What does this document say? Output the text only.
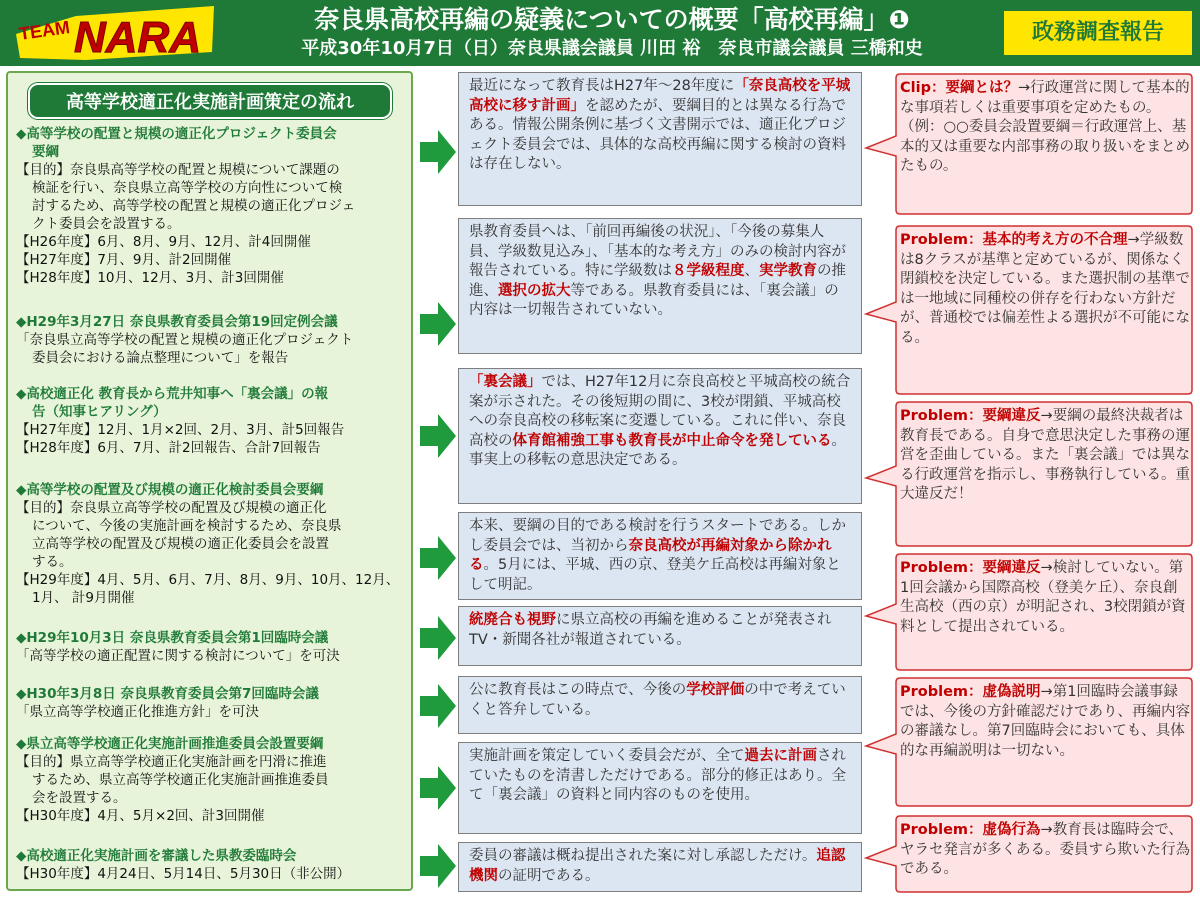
TEAM NARA	奈良県高校再編の疑義についての概要「高校再編」❶
平成30年10月7日（日）奈良県議会議員 川田 裕　奈良市議会議員 三橋和史
政務調査報告
高等学校適正化実施計画策定の流れ
◆高等学校の配置と規模の適正化プロジェクト委員会
要綱
【目的】奈良県高等学校の配置と規模について課題の
検証を行い、奈良県立高等学校の方向性について検
討するため、高等学校の配置と規模の適正化プロジェ
クト委員会を設置する。
【H26年度】6月、8月、9月、12月、計4回開催
【H27年度】7月、9月、計2回開催
【H28年度】10月、12月、3月、計3回開催
◆H29年3月27日 奈良県教育委員会第19回定例会議
「奈良県立高等学校の配置と規模の適正化プロジェクト
委員会における論点整理について」を報告
◆高校適正化 教育長から荒井知事へ「裏会議」の報
告（知事ヒアリング）
【H27年度】12月、1月×2回、2月、3月、計5回報告
【H28年度】6月、7月、計2回報告、合計7回報告
◆高等学校の配置及び規模の適正化検討委員会要綱
【目的】奈良県立高等学校の配置及び規模の適正化
について、今後の実施計画を検討するため、奈良県
立高等学校の配置及び規模の適正化委員会を設置
する。
【H29年度】4月、5月、6月、7月、8月、9月、10月、12月、
1月、 計9月開催
◆H29年10月3日 奈良県教育委員会第1回臨時会議
「高等学校の適正配置に関する検討について」を可決
◆H30年3月8日 奈良県教育委員会第7回臨時会議
「県立高等学校適正化推進方針」を可決
◆県立高等学校適正化実施計画推進委員会設置要綱
【目的】県立高等学校適正化実施計画を円滑に推進
するため、県立高等学校適正化実施計画推進委員
会を設置する。
【H30年度】4月、5月×2回、計3回開催
◆高校適正化実施計画を審議した県教委臨時会
【H30年度】4月24日、5月14日、5月30日（非公開）
最近になって教育長はH27年〜28年度に「奈良高校を平城高校に移す計画」を認めたが、要綱目的とは異なる行為である。情報公開条例に基づく文書開示では、適正化プロジェクト委員会では、具体的な高校再編に関する検討の資料は存在しない。
県教育委員へは、「前回再編後の状況」、「今後の募集人員、学級数見込み」、「基本的な考え方」のみの検討内容が報告されている。特に学級数は８学級程度、実学教育の推進、選択の拡大等である。県教育委員には、「裏会議」の内容は一切報告されていない。
「裏会議」では、H27年12月に奈良高校と平城高校の統合案が示された。その後短期の間に、3校が閉鎖、平城高校への奈良高校の移転案に変遷している。これに伴い、奈良高校の体育館補強工事も教育長が中止命令を発している。事実上の移転の意思決定である。
本来、要綱の目的である検討を行うスタートである。しかし委員会では、当初から奈良高校が再編対象から除かれる。5月には、平城、西の京、登美ケ丘高校は再編対象として明記。
統廃合も視野に県立高校の再編を進めることが発表されTV・新聞各社が報道されている。
公に教育長はこの時点で、今後の学校評価の中で考えていくと答弁している。
実施計画を策定していく委員会だが、全て過去に計画されていたものを清書しただけである。部分的修正はあり。全て「裏会議」の資料と同内容のものを使用。
委員の審議は概ね提出された案に対し承認しただけ。追認機関の証明である。
Clip：要綱とは？→行政運営に関して基本的な事項若しくは重要事項を定めたもの。（例：○○委員会設置要綱＝行政運営上、基本的又は重要な内部事務の取り扱いをまとめたもの。
Problem：基本的考え方の不合理→学級数は8クラスが基準と定めているが、関係なく閉鎖校を決定している。また選択制の基準では一地域に同種校の併存を行わない方針だが、普通校では偏差性よる選択が不可能になる。
Problem：要綱違反→要綱の最終決裁者は教育長である。自身で意思決定した事務の運営を歪曲している。また「裏会議」では異なる行政運営を指示し、事務執行している。重大違反だ！
Problem：要綱違反→検討していない。第1回会議から国際高校（登美ケ丘）、奈良創生高校（西の京）が明記され、3校閉鎖が資料として提出されている。
Problem：虚偽説明→第1回臨時会議事録では、今後の方針確認だけであり、再編内容の審議なし。第7回臨時会においても、具体的な再編説明は一切ない。
Problem：虚偽行為→教育長は臨時会で、ヤラセ発言が多くある。委員すら欺いた行為である。
